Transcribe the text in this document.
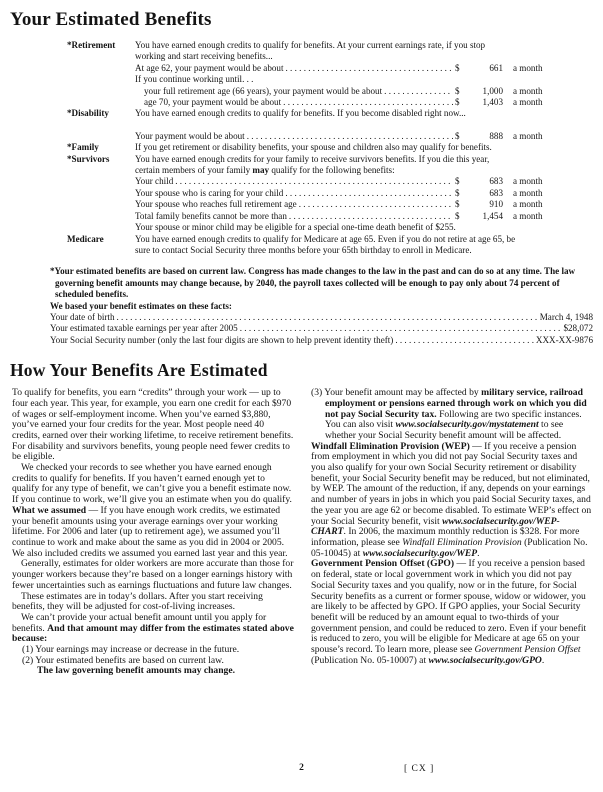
Your Estimated Benefits
*Retirement	You have earned enough credits to qualify for benefits. At your current earnings rate, if you stop
working and start receiving benefits...
At age 62, your payment would be about . . .	$	661	a month
If you continue working until. . .
your full retirement age (66 years), your payment would be about . . .	$	1,000	a month
age 70, your payment would be about . . .	$	1,403	a month
*Disability	You have earned enough credits to qualify for benefits. If you become disabled right now...
Your payment would be about . . .	$	888	a month
*Family	If you get retirement or disability benefits, your spouse and children also may qualify for benefits.
*Survivors	You have earned enough credits for your family to receive survivors benefits. If you die this year,
certain members of your family may qualify for the following benefits:
Your child . . .	$	683	a month
Your spouse who is caring for your child . . .	$	683	a month
Your spouse who reaches full retirement age . . .	$	910	a month
Total family benefits cannot be more than . . .	$	1,454	a month
Your spouse or minor child may be eligible for a special one-time death benefit of $255.
Medicare	You have earned enough credits to qualify for Medicare at age 65. Even if you do not retire at age 65, be
sure to contact Social Security three months before your 65th birthday to enroll in Medicare.
*Your estimated benefits are based on current law. Congress has made changes to the law in the past and can do so at any time. The law governing benefit amounts may change because, by 2040, the payroll taxes collected will be enough to pay only about 74 percent of scheduled benefits.
We based your benefit estimates on these facts:
Your date of birth . . .	March 4, 1948
Your estimated taxable earnings per year after 2005 . . .	$28,072
Your Social Security number (only the last four digits are shown to help prevent identity theft) . . .	XXX-XX-9876
How Your Benefits Are Estimated

To qualify for benefits, you earn “credits” through your work — up to four each year. This year, for example, you earn one credit for each $970 of wages or self-employment income. When you’ve earned $3,880, you’ve earned your four credits for the year. Most people need 40 credits, earned over their working lifetime, to receive retirement benefits. For disability and survivors benefits, young people need fewer credits to be eligible.

We checked your records to see whether you have earned enough credits to qualify for benefits. If you haven’t earned enough yet to qualify for any type of benefit, we can’t give you a benefit estimate now. If you continue to work, we’ll give you an estimate when you do qualify.

What we assumed — If you have enough work credits, we estimated your benefit amounts using your average earnings over your working lifetime. For 2006 and later (up to retirement age), we assumed you’ll continue to work and make about the same as you did in 2004 or 2005. We also included credits we assumed you earned last year and this year.

Generally, estimates for older workers are more accurate than those for younger workers because they’re based on a longer earnings history with fewer uncertainties such as earnings fluctuations and future law changes.

These estimates are in today’s dollars. After you start receiving benefits, they will be adjusted for cost-of-living increases.

We can’t provide your actual benefit amount until you apply for benefits. And that amount may differ from the estimates stated above because:

(1) Your earnings may increase or decrease in the future.

(2) Your estimated benefits are based on current law.

The law governing benefit amounts may change.

(3) Your benefit amount may be affected by military service, railroad employment or pensions earned through work on which you did not pay Social Security tax. Following are two specific instances. You can also visit www.socialsecurity.gov/mystatement to see whether your Social Security benefit amount will be affected.

Windfall Elimination Provision (WEP) — If you receive a pension from employment in which you did not pay Social Security taxes and you also qualify for your own Social Security retirement or disability benefit, your Social Security benefit may be reduced, but not eliminated, by WEP. The amount of the reduction, if any, depends on your earnings and number of years in jobs in which you paid Social Security taxes, and the year you are age 62 or become disabled. To estimate WEP’s effect on your Social Security benefit, visit www.socialsecurity.gov/WEP-CHART. In 2006, the maximum monthly reduction is $328. For more information, please see Windfall Elimination Provision (Publication No. 05-10045) at www.socialsecurity.gov/WEP.

Government Pension Offset (GPO) — If you receive a pension based on federal, state or local government work in which you did not pay Social Security taxes and you qualify, now or in the future, for Social Security benefits as a current or former spouse, widow or widower, you are likely to be affected by GPO. If GPO applies, your Social Security benefit will be reduced by an amount equal to two-thirds of your government pension, and could be reduced to zero. Even if your benefit is reduced to zero, you will be eligible for Medicare at age 65 on your spouse’s record. To learn more, please see Government Pension Offset (Publication No. 05-10007) at www.socialsecurity.gov/GPO.

2	[ CX ]
